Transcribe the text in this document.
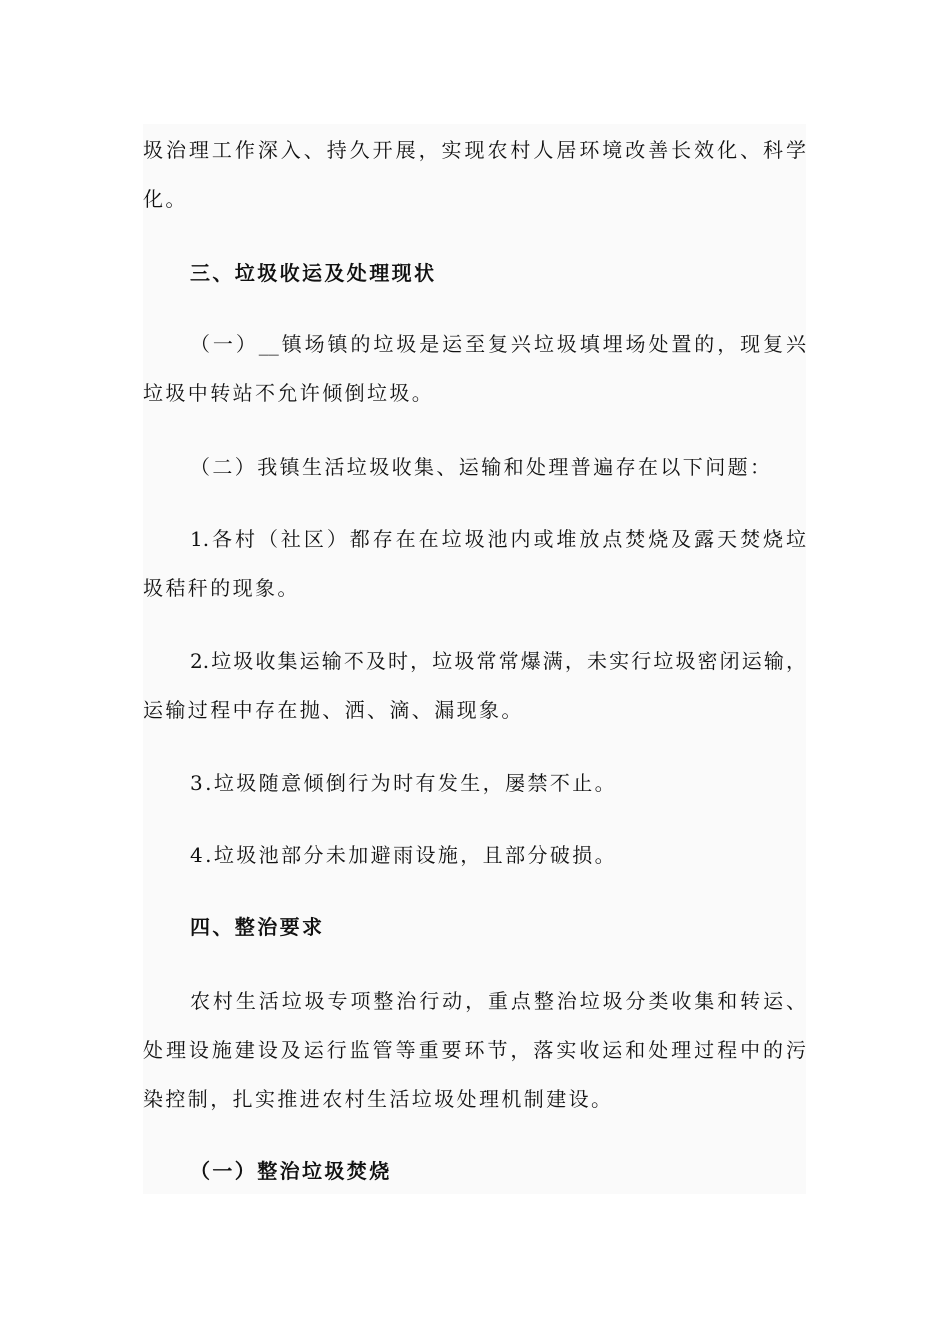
圾治理工作深入、持久开展，实现农村人居环境改善长效化、科学
化。
三、垃圾收运及处理现状
（一）__镇场镇的垃圾是运至复兴垃圾填埋场处置的，现复兴
垃圾中转站不允许倾倒垃圾。
（二）我镇生活垃圾收集、运输和处理普遍存在以下问题：
1.各村（社区）都存在在垃圾池内或堆放点焚烧及露天焚烧垃
圾秸秆的现象。
2.垃圾收集运输不及时，垃圾常常爆满，未实行垃圾密闭运输，
运输过程中存在抛、洒、滴、漏现象。
3.垃圾随意倾倒行为时有发生，屡禁不止。
4.垃圾池部分未加避雨设施，且部分破损。
四、整治要求
农村生活垃圾专项整治行动，重点整治垃圾分类收集和转运、
处理设施建设及运行监管等重要环节，落实收运和处理过程中的污
染控制，扎实推进农村生活垃圾处理机制建设。
（一）整治垃圾焚烧
